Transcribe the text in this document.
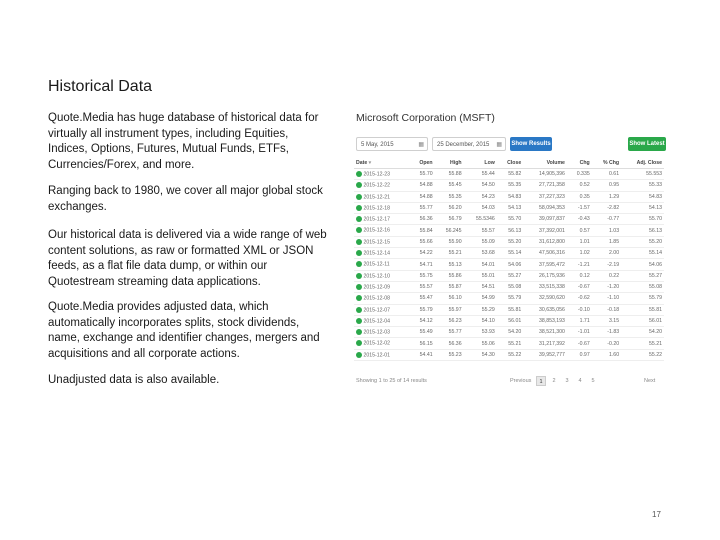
Historical Data

Quote.Media has huge database of historical data for virtually all instrument types, including Equities, Indices, Options, Futures, Mutual Funds, ETFs, Currencies/Forex, and more.

Ranging back to 1980, we cover all major global stock exchanges.

Our historical data is delivered via a wide range of web content solutions, as raw or formatted XML or JSON feeds, as a flat file data dump, or within our Quotestream streaming data applications.

Quote.Media provides adjusted data, which automatically incorporates splits, stock dividends, name, exchange and identifier changes, mergers and acquisitions and all corporate actions.

Unadjusted data is also available.

Microsoft Corporation (MSFT)
5 May, 2015	▦	25 December, 2015 ▦ Show Results	Show Latest
Date ▾	Open	High	Low	Close	Volume	Chg	% Chg	Adj. Close
2015-12-23	55.70	55.88	55.44	55.82	14,905,396	0.335	0.61	55.553
2015-12-22	54.88	55.45	54.50	55.35	27,721,358	0.52	0.95	55.33
2015-12-21	54.88	55.35	54.23	54.83	37,227,323	0.35	1.29	54.83
2015-12-18	55.77	56.20	54.03	54.13	58,094,353	-1.57	-2.82	54.13
2015-12-17	56.36	56.79	55.5346	55.70	39,097,837	-0.43	-0.77	55.70
2015-12-16	55.84	56.245	55.57	56.13	37,392,001	0.57	1.03	56.13
2015-12-15	55.66	55.90	55.09	55.20	31,612,800	1.01	1.85	55.20
2015-12-14	54.22	55.21	53.68	55.14	47,506,316	1.02	2.00	55.14
2015-12-11	54.71	55.13	54.01	54.06	37,595,472	-1.21	-2.19	54.06
2015-12-10	55.75	55.86	55.01	55.27	26,175,936	0.12	0.22	55.27
2015-12-09	55.57	55.87	54.51	55.08	33,515,338	-0.67	-1.20	55.08
2015-12-08	55.47	56.10	54.99	55.79	32,590,620	-0.62	-1.10	55.79
2015-12-07	55.79	55.97	55.29	55.81	30,635,056	-0.10	-0.18	55.81
2015-12-04	54.12	56.23	54.10	56.01	38,853,193	1.71	3.15	56.01
2015-12-03	55.49	55.77	53.93	54.20	38,521,300	-1.01	-1.83	54.20
2015-12-02	56.15	56.36	55.06	55.21	31,217,392	-0.67	-0.20	55.21
2015-12-01	54.41	55.23	54.30	55.22	39,952,777	0.97	1.60	55.22
Showing 1 to 25 of 14 results	Previous	1	2	3	4	5	Next
17
